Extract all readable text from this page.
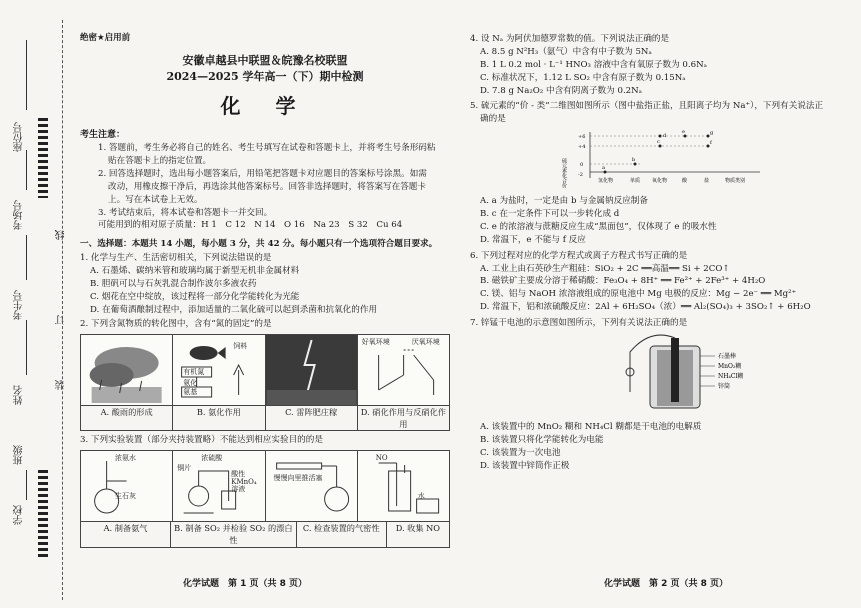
座位号
考场号
考生号
姓名
班级
学校
线
订
装
绝密★启用前
安徽卓越县中联盟＆皖豫名校联盟
2024—2025 学年高一（下）期中检测
化 学
考生注意：
1. 答题前，考生务必将自己的姓名、考生号填写在试卷和答题卡上，并将考生号条形码粘
贴在答题卡上的指定位置。
2. 回答选择题时，选出每小题答案后，用铅笔把答题卡对应题目的答案标号涂黑。如需
改动，用橡皮擦干净后，再选涂其他答案标号。回答非选择题时，将答案写在答题卡
上。写在本试卷上无效。
3. 考试结束后，将本试卷和答题卡一并交回。
可能用到的相对原子质量：H 1　C 12　N 14　O 16　Na 23　S 32　Cu 64
一、选择题：本题共 14 小题，每小题 3 分，共 42 分。每小题只有一个选项符合题目要求。
1. 化学与生产、生活密切相关，下列说法错误的是
A. 石墨烯、碳纳米管和玻璃均属于新型无机非金属材料
B. 胆矾可以与石灰乳混合制作波尔多液农药
C. 烟花在空中绽放，该过程将一部分化学能转化为光能
D. 在葡萄酒酿制过程中，添加适量的二氧化硫可以起到杀菌和抗氧化的作用
2. 下列含氮物质的转化图中，含有“氮的固定”的是
有机氮
氨化
氨基
饲料	好氧环境	厌氧环境
A. 酸雨的形成	B. 氨化作用	C. 雷阵肥庄稼	D. 硝化作用与反硝化作用
3. 下列实验装置（部分夹持装置略）不能达到相应实验目的的是
浓氨水
生石灰
浓硫酸
铜片
酸性KMnO₄溶液
慢慢向里推活塞
NO
水
A. 制备氨气	B. 制备 SO₂ 并检验 SO₂ 的漂白性
C. 检查装置的气密性	D. 收集 NO
化学试题　第 1 页（共 8 页）
4. 设 Nₐ 为阿伏加德罗常数的值。下列说法正确的是
A. 8.5 g N²H₃（氨气）中含有中子数为 5Nₐ
B. 1 L 0.2 mol · L⁻¹ HNO₃ 溶液中含有氧原子数为 0.6Nₐ
C. 标准状况下，1.12 L SO₂ 中含有原子数为 0.15Nₐ
D. 7.8 g Na₂O₂ 中含有阴离子数为 0.2Nₐ
5. 硫元素的“价 - 类”二维图如图所示（图中盐指正盐，且阳离子均为 Na⁺），下列有关说法正
确的是
硫元素化合价
+6
+4
0
-2
a
b
c
d
e
f
g
氢化物	单质 氧化物	酸	盐	物质类别
A. a 为盐时，一定是由 b 与金属钠反应制备
B. c 在一定条件下可以一步转化成 d
C. e 的浓溶液与蔗糖反应生成“黑面包”，仅体现了 e 的吸水性
D. 常温下，e 不能与 f 反应
6. 下列过程对应的化学方程式或离子方程式书写正确的是
A. 工业上由石英砂生产粗硅：SiO₂ + 2C ══高温══ Si + 2CO↑
B. 磁铁矿主要成分溶于稀硝酸：Fe₃O₄ + 8H⁺ ══ Fe²⁺ + 2Fe³⁺ + 4H₂O
C. 镁、铝与 NaOH 浓溶液组成的原电池中 Mg 电极的反应：Mg − 2e⁻ ══ Mg²⁺
D. 常温下，铝和浓硫酸反应：2Al + 6H₂SO₄（浓）══ Al₂(SO₄)₃ + 3SO₂↑ + 6H₂O
7. 锌锰干电池的示意图如图所示，下列有关说法正确的是
石墨棒
MnO₂糊
NH₄Cl糊
锌筒
A. 该装置中的 MnO₂ 糊和 NH₄Cl 糊都是干电池的电解质
B. 该装置只将化学能转化为电能
C. 该装置为一次电池
D. 该装置中锌筒作正极
化学试题　第 2 页（共 8 页）
